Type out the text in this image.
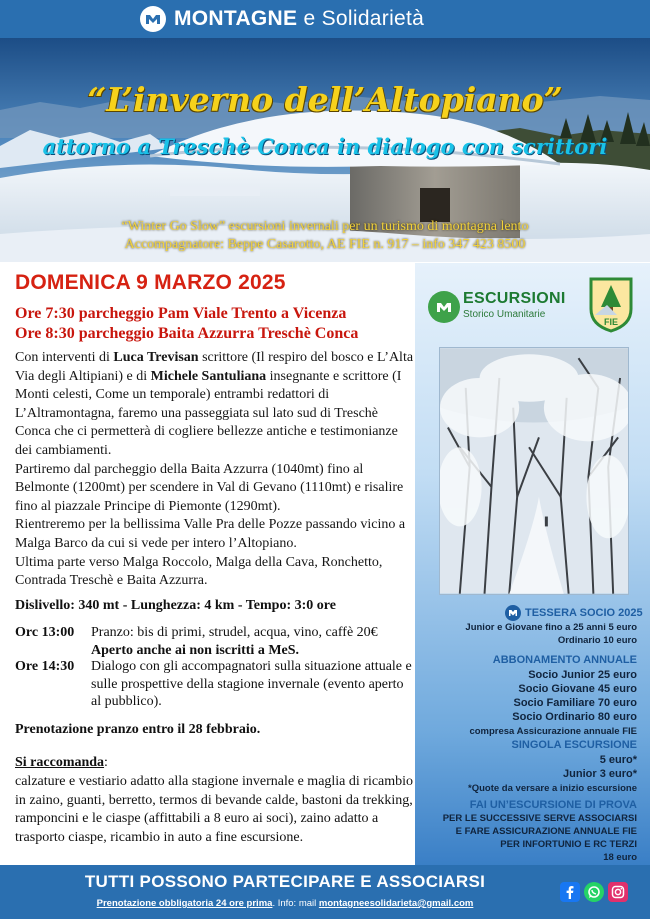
MONTAGNE e Solidarietà
“L’inverno dell’Altopiano”
attorno a Treschè Conca in dialogo con scrittori
“Winter Go Slow” escursioni invernali per un turismo di montagna lento
Accompagnatore: Beppe Casarotto, AE FIE n. 917 – info 347 423 8500
DOMENICA 9 MARZO 2025
Ore 7:30 parcheggio Pam Viale Trento a Vicenza
Ore 8:30 parcheggio Baita Azzurra Treschè Conca
Con interventi di Luca Trevisan scrittore (Il respiro del bosco e L’Alta Via degli Altipiani) e di Michele Santuliana insegnante e scrittore (I Monti celesti, Come un temporale) entrambi redattori di L’Altramontagna, faremo una passeggiata sul lato sud di Treschè Conca che ci permetterà di cogliere bellezze antiche e testimonianze dei cambiamenti.
Partiremo dal parcheggio della Baita Azzurra (1040mt) fino al Belmonte (1200mt) per scendere in Val di Gevano (1110mt) e risalire fino al piazzale Principe di Piemonte (1290mt).
Rientreremo per la bellissima Valle Pra delle Pozze passando vicino a Malga Barco da cui si vede per intero l’Altopiano.
Ultima parte verso Malga Roccolo, Malga della Cava, Ronchetto, Contrada Treschè e Baita Azzurra.
Dislivello: 340 mt - Lunghezza: 4 km - Tempo: 3:0 ore
Orc 13:00	Pranzo: bis di primi, strudel, acqua, vino, caffè 20€
Aperto anche ai non iscritti a MeS.
Ore 14:30	Dialogo con gli accompagnatori sulla situazione attuale e sulle prospettive della stagione invernale (evento aperto al pubblico).
Prenotazione pranzo entro il 28 febbraio.
Si raccomanda :
calzature e vestiario adatto alla stagione invernale e maglia di ricambio in zaino, guanti, berretto, termos di bevande calde, bastoni da trekking, ramponcini e le ciaspe (affittabili a 8 euro ai soci), zaino adatto a trasporto ciaspe, ricambio in auto a fine escursione.
ESCURSIONI
Storico Umanitarie
FIE
TESSERA SOCIO 2025
Junior e Giovane fino a 25 anni 5 euro
Ordinario 10 euro
ABBONAMENTO ANNUALE
Socio Junior 25 euro
Socio Giovane 45 euro
Socio Familiare 70 euro
Socio Ordinario 80 euro
compresa Assicurazione annuale FIE
SINGOLA ESCURSIONE
5 euro*
Junior 3 euro*
*Quote da versare a inizio escursione
FAI UN’ESCURSIONE DI PROVA
PER LE SUCCESSIVE SERVE ASSOCIARSI
E FARE ASSICURAZIONE ANNUALE FIE
PER INFORTUNIO E RC TERZI
18 euro
TUTTI POSSONO PARTECIPARE E ASSOCIARSI
Prenotazione obbligatoria 24 ore prima. Info: mail montagneesolidarieta@gmail.com
